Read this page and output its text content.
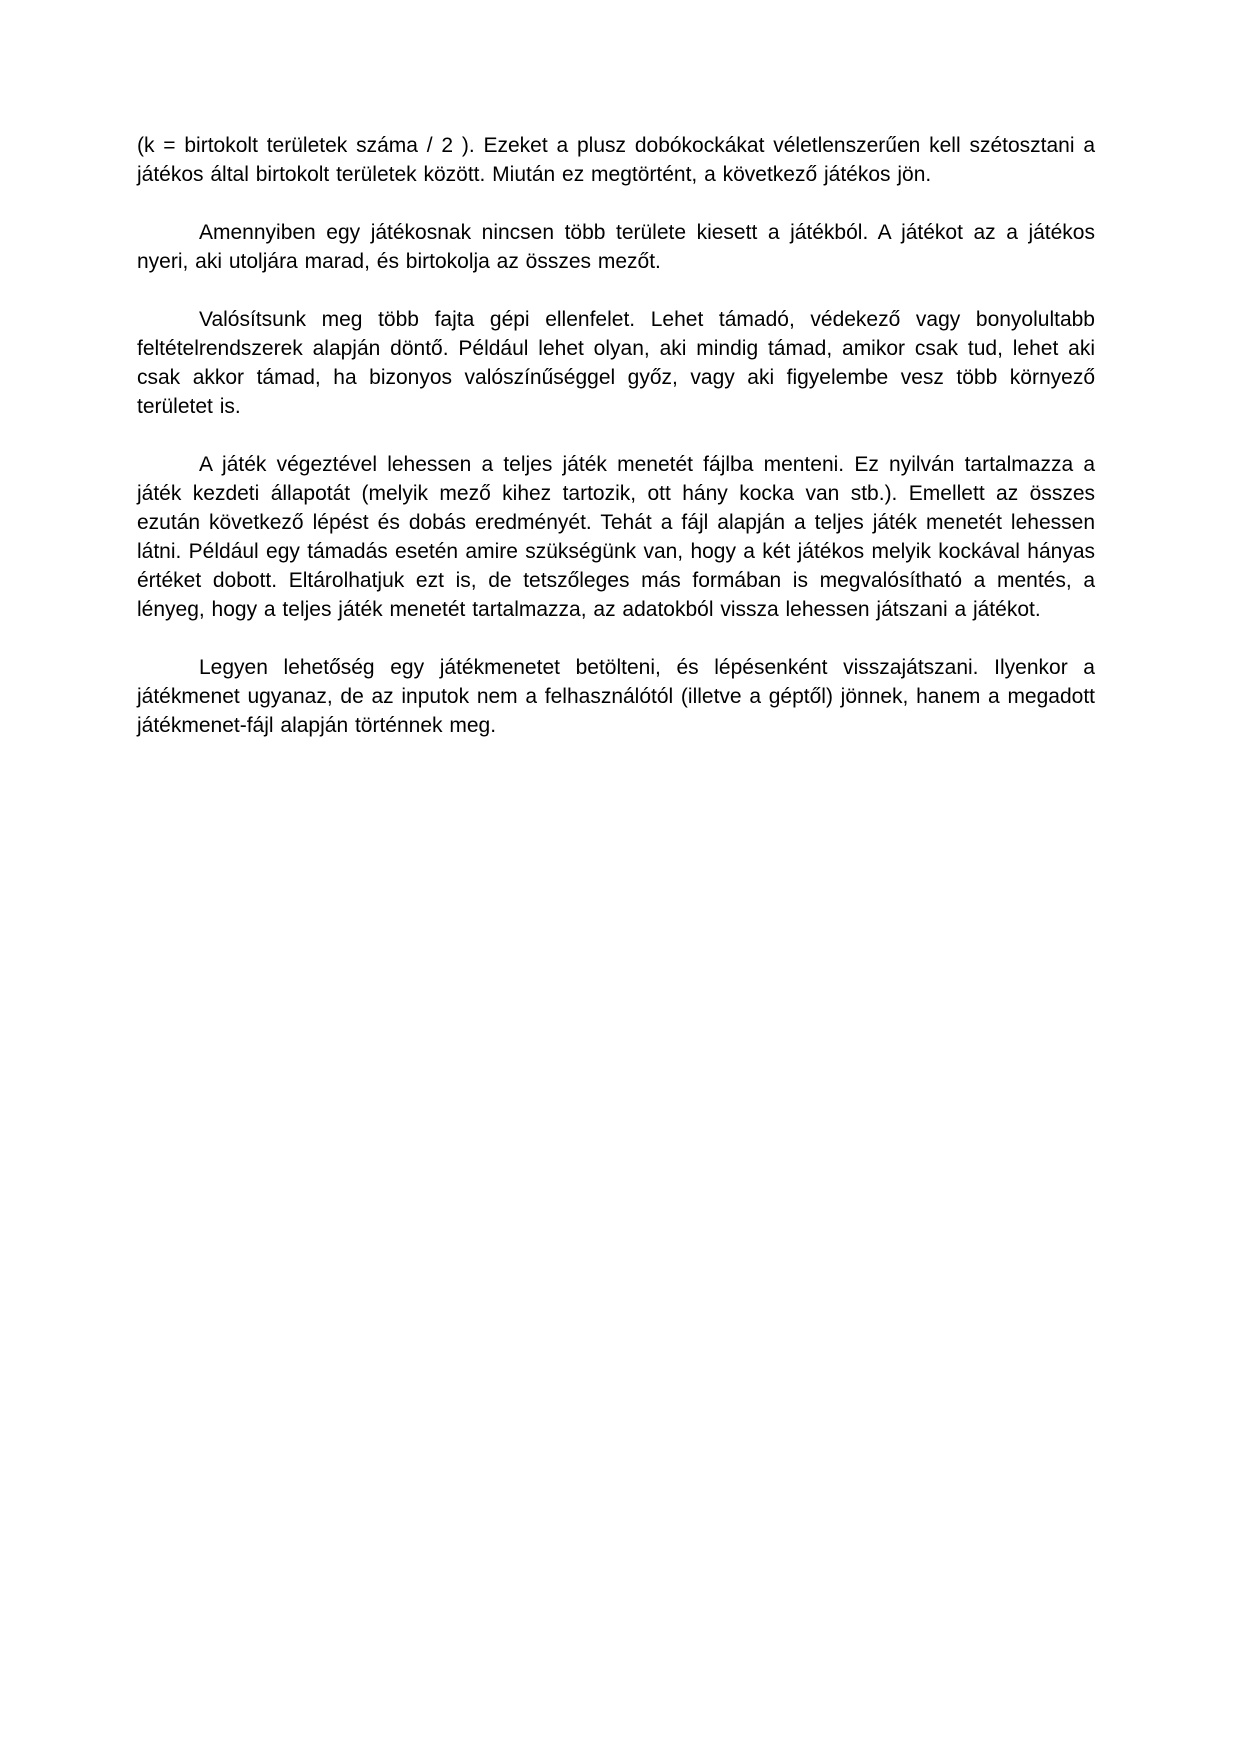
(k = birtokolt területek száma / 2 ). Ezeket a plusz dobókockákat véletlenszerűen kell szétosztani a játékos által birtokolt területek között. Miután ez megtörtént, a következő játékos jön.

Amennyiben egy játékosnak nincsen több területe kiesett a játékból. A játékot az a játékos nyeri, aki utoljára marad, és birtokolja az összes mezőt.

Valósítsunk meg több fajta gépi ellenfelet. Lehet támadó, védekező vagy bonyolultabb feltételrendszerek alapján döntő. Például lehet olyan, aki mindig támad, amikor csak tud, lehet aki csak akkor támad, ha bizonyos valószínűséggel győz, vagy aki figyelembe vesz több környező területet is.

A játék végeztével lehessen a teljes játék menetét fájlba menteni. Ez nyilván tartalmazza a játék kezdeti állapotát (melyik mező kihez tartozik, ott hány kocka van stb.). Emellett az összes ezután következő lépést és dobás eredményét. Tehát a fájl alapján a teljes játék menetét lehessen látni. Például egy támadás esetén amire szükségünk van, hogy a két játékos melyik kockával hányas értéket dobott. Eltárolhatjuk ezt is, de tetszőleges más formában is megvalósítható a mentés, a lényeg, hogy a teljes játék menetét tartalmazza, az adatokból vissza lehessen játszani a játékot.

Legyen lehetőség egy játékmenetet betölteni, és lépésenként visszajátszani. Ilyenkor a játékmenet ugyanaz, de az inputok nem a felhasználótól (illetve a géptől) jönnek, hanem a megadott játékmenet-fájl alapján történnek meg.
